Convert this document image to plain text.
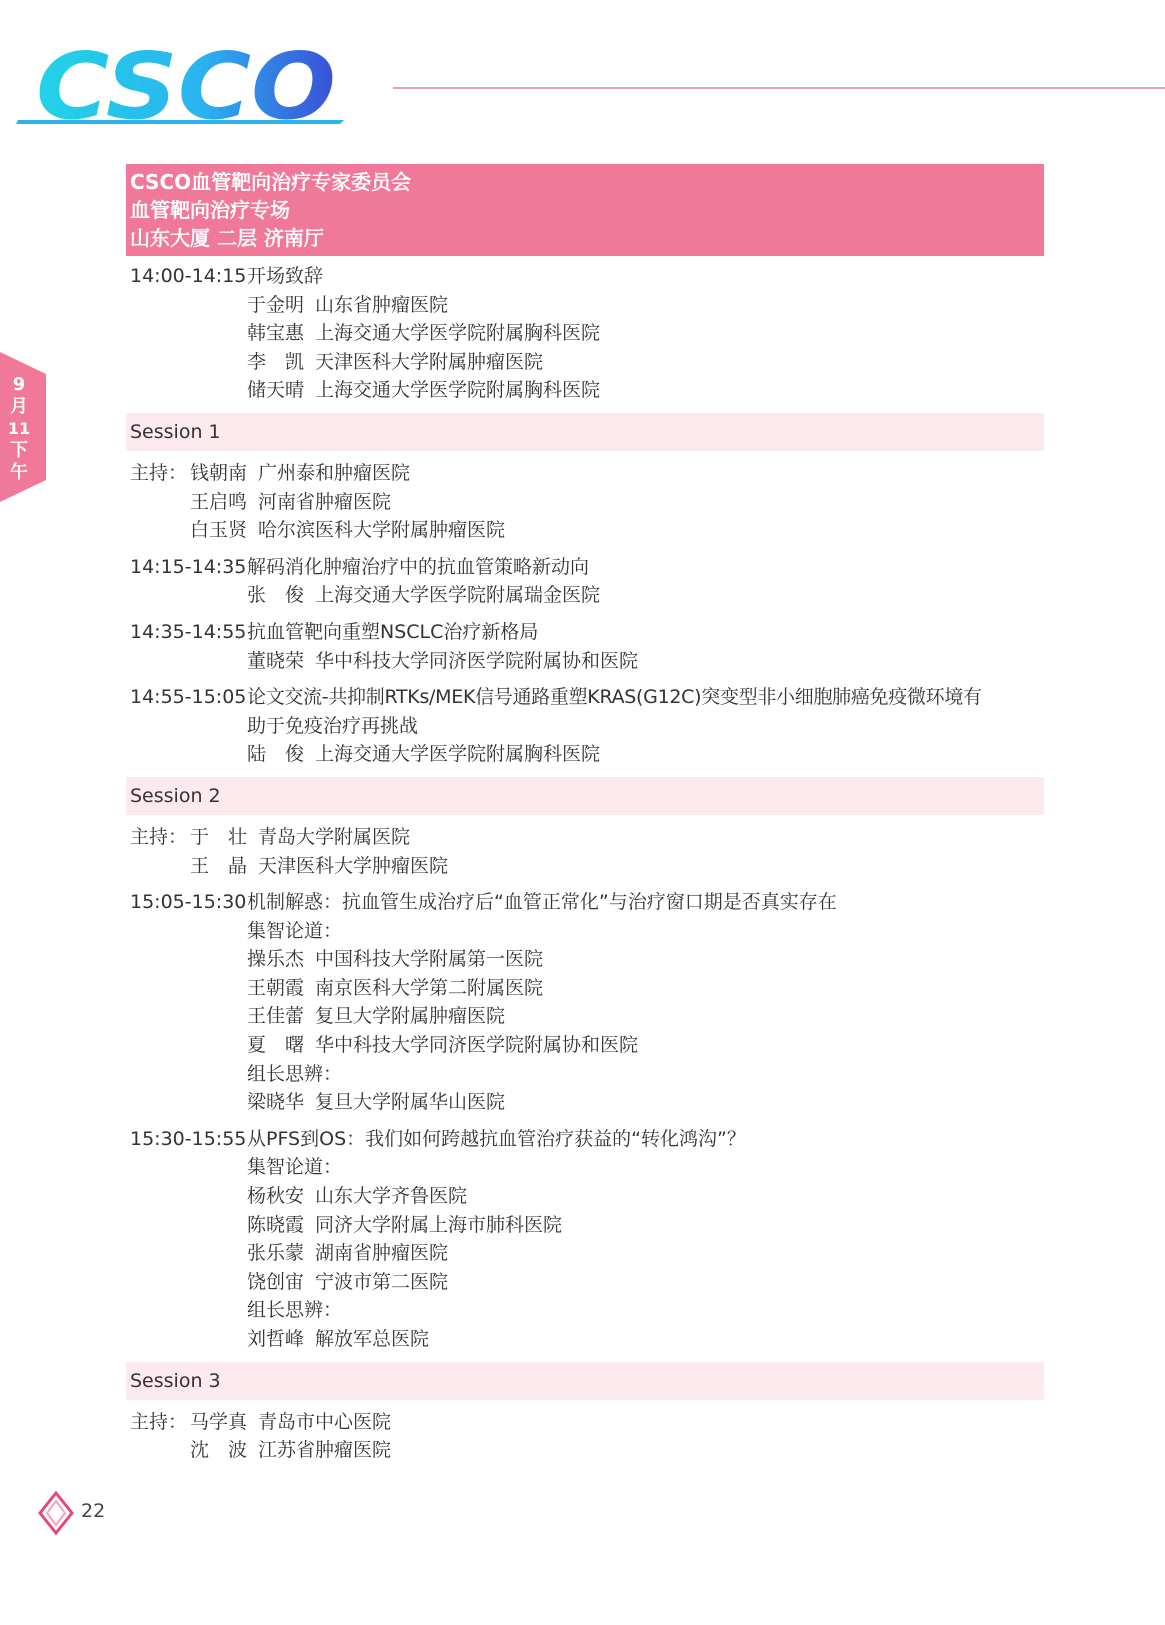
CSCO
9
月
11
下
午
CSCO血管靶向治疗专家委员会
血管靶向治疗专场
山东大厦 二层 济南厅
14:00-14:15开场致辞
于金明 山东省肿瘤医院
韩宝惠 上海交通大学医学院附属胸科医院
李　凯 天津医科大学附属肿瘤医院
储天晴 上海交通大学医学院附属胸科医院
Session 1
主持： 钱朝南 广州泰和肿瘤医院
王启鸣 河南省肿瘤医院
白玉贤 哈尔滨医科大学附属肿瘤医院
14:15-14:35解码消化肿瘤治疗中的抗血管策略新动向
张　俊 上海交通大学医学院附属瑞金医院
14:35-14:55抗血管靶向重塑NSCLC治疗新格局
董晓荣 华中科技大学同济医学院附属协和医院
14:55-15:05论文交流-共抑制RTKs/MEK信号通路重塑KRAS(G12C)突变型非小细胞肺癌免疫微环境有
助于免疫治疗再挑战
陆　俊 上海交通大学医学院附属胸科医院
Session 2
主持： 于　壮 青岛大学附属医院
王　晶 天津医科大学肿瘤医院
15:05-15:30机制解惑：抗血管生成治疗后“血管正常化”与治疗窗口期是否真实存在
集智论道：
操乐杰 中国科技大学附属第一医院
王朝霞 南京医科大学第二附属医院
王佳蕾 复旦大学附属肿瘤医院
夏　曙 华中科技大学同济医学院附属协和医院
组长思辨：
梁晓华 复旦大学附属华山医院
15:30-15:55从PFS到OS：我们如何跨越抗血管治疗获益的“转化鸿沟”？
集智论道：
杨秋安 山东大学齐鲁医院
陈晓霞 同济大学附属上海市肺科医院
张乐蒙 湖南省肿瘤医院
饶创宙 宁波市第二医院
组长思辨：
刘哲峰 解放军总医院
Session 3
主持： 马学真 青岛市中心医院
沈　波 江苏省肿瘤医院
22
